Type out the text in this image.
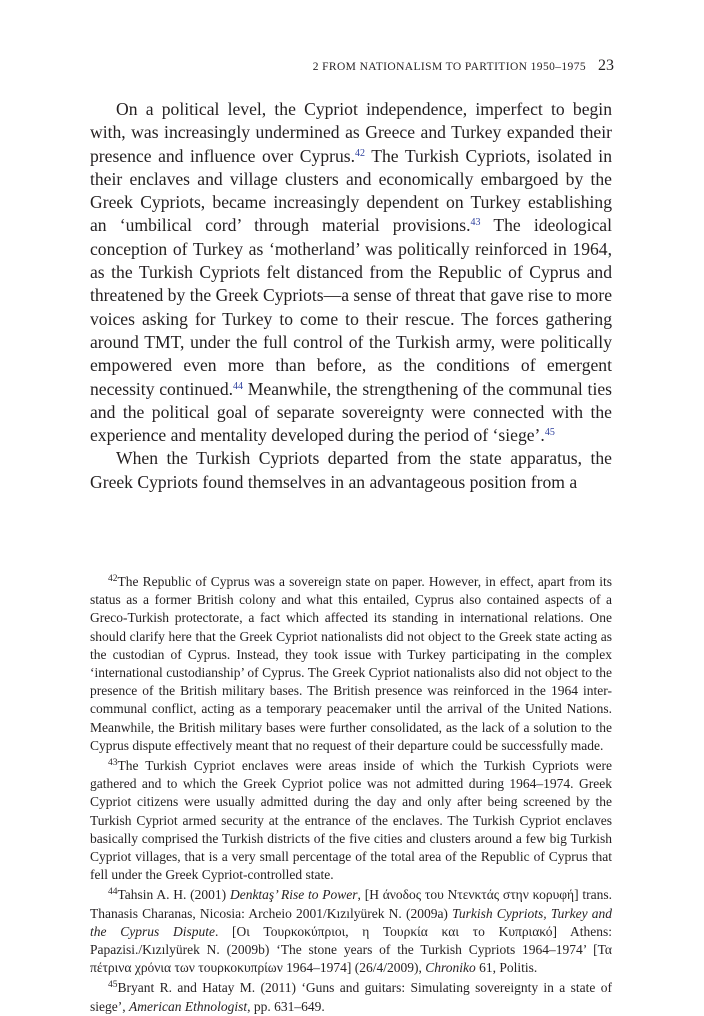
2 FROM NATIONALISM TO PARTITION 1950–1975 23

On a political level, the Cypriot independence, imperfect to begin with, was increasingly undermined as Greece and Turkey expanded their presence and influence over Cyprus.$^{42}$ The Turkish Cypriots, isolated in their enclaves and village clusters and economically embargoed by the Greek Cypriots, became increasingly dependent on Turkey establishing an ‘umbilical cord’ through material provisions.$^{43}$ The ideological conception of Turkey as ‘motherland’ was politically reinforced in 1964, as the Turkish Cypriots felt distanced from the Republic of Cyprus and threatened by the Greek Cypriots—a sense of threat that gave rise to more voices asking for Turkey to come to their rescue. The forces gathering around TMT, under the full control of the Turkish army, were politically empowered even more than before, as the conditions of emergent necessity continued.$^{44}$ Meanwhile, the strengthening of the communal ties and the political goal of separate sovereignty were connected with the experience and mentality developed during the period of ‘siege’.$^{45}$

When the Turkish Cypriots departed from the state apparatus, the Greek Cypriots found themselves in an advantageous position from a

$^{42}$The Republic of Cyprus was a sovereign state on paper. However, in effect, apart from its status as a former British colony and what this entailed, Cyprus also contained aspects of a Greco-Turkish protectorate, a fact which affected its standing in international relations. One should clarify here that the Greek Cypriot nationalists did not object to the Greek state acting as the custodian of Cyprus. Instead, they took issue with Turkey participating in the complex ‘international custodianship’ of Cyprus. The Greek Cypriot nationalists also did not object to the presence of the British military bases. The British presence was reinforced in the 1964 inter-communal conflict, acting as a temporary peacemaker until the arrival of the United Nations. Meanwhile, the British military bases were further consolidated, as the lack of a solution to the Cyprus dispute effectively meant that no request of their departure could be successfully made.

$^{43}$The Turkish Cypriot enclaves were areas inside of which the Turkish Cypriots were gathered and to which the Greek Cypriot police was not admitted during 1964–1974. Greek Cypriot citizens were usually admitted during the day and only after being screened by the Turkish Cypriot armed security at the entrance of the enclaves. The Turkish Cypriot enclaves basically comprised the Turkish districts of the five cities and clusters around a few big Turkish Cypriot villages, that is a very small percentage of the total area of the Republic of Cyprus that fell under the Greek Cypriot-controlled state.

$^{44}$Tahsin A. H. (2001) Denktaş’ Rise to Power, [Η άνοδος του Ντενκτάς στην κορυφή] trans. Thanasis Charanas, Nicosia: Archeio 2001/Kızılyürek N. (2009a) Turkish Cypriots, Turkey and the Cyprus Dispute. [Οι Τουρκοκύπριοι, η Τουρκία και το Κυπριακό] Athens: Papazisi./Kızılyürek N. (2009b) ‘The stone years of the Turkish Cypriots 1964–1974’ [Τα πέτρινα χρόνια των τουρκοκυπρίων 1964–1974] (26/4/2009), Chroniko 61, Politis.

$^{45}$Bryant R. and Hatay M. (2011) ‘Guns and guitars: Simulating sovereignty in a state of siege’, American Ethnologist, pp. 631–649.
